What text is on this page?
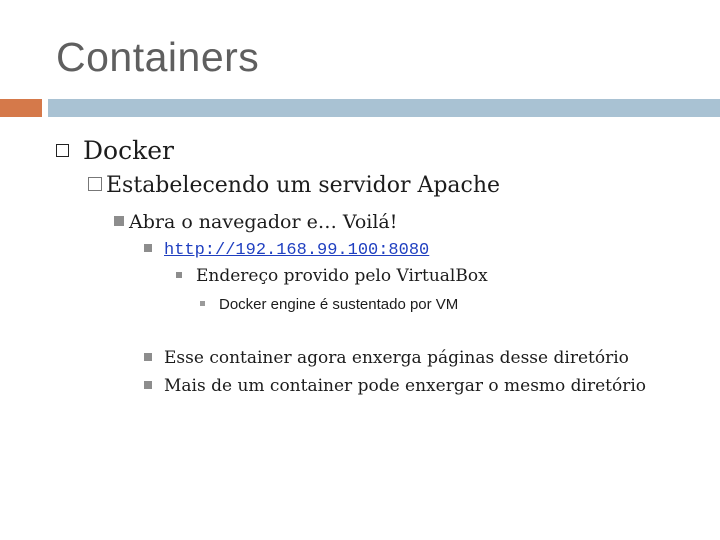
Containers
Docker
Estabelecendo um servidor Apache
Abra o navegador e… Voilá!
http://192.168.99.100:8080
Endereço provido pelo VirtualBox
Docker engine é sustentado por VM
Esse container agora enxerga páginas desse diretório
Mais de um container pode enxergar o mesmo diretório
